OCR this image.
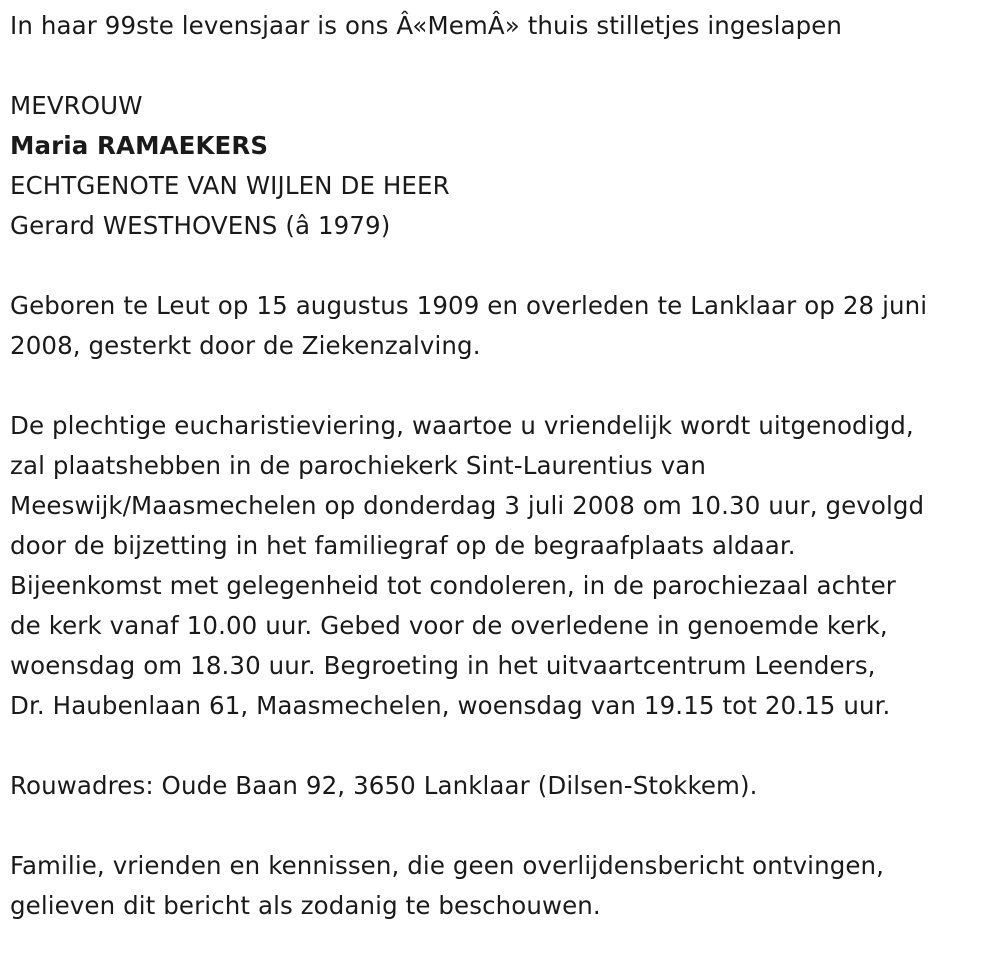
In haar 99ste levensjaar is ons Â«MemÂ» thuis stilletjes ingeslapen

MEVROUW

Maria RAMAEKERS

ECHTGENOTE VAN WIJLEN DE HEER

Gerard WESTHOVENS (â 1979)

Geboren te Leut op 15 augustus 1909 en overleden te Lanklaar op 28 juni

2008, gesterkt door de Ziekenzalving.

De plechtige eucharistieviering, waartoe u vriendelijk wordt uitgenodigd,

zal plaatshebben in de parochiekerk Sint-Laurentius van

Meeswijk/Maasmechelen op donderdag 3 juli 2008 om 10.30 uur, gevolgd

door de bijzetting in het familiegraf op de begraafplaats aldaar.

Bijeenkomst met gelegenheid tot condoleren, in de parochiezaal achter

de kerk vanaf 10.00 uur. Gebed voor de overledene in genoemde kerk,

woensdag om 18.30 uur. Begroeting in het uitvaartcentrum Leenders,

Dr. Haubenlaan 61, Maasmechelen, woensdag van 19.15 tot 20.15 uur.

Rouwadres: Oude Baan 92, 3650 Lanklaar (Dilsen-Stokkem).

Familie, vrienden en kennissen, die geen overlijdensbericht ontvingen,

gelieven dit bericht als zodanig te beschouwen.
